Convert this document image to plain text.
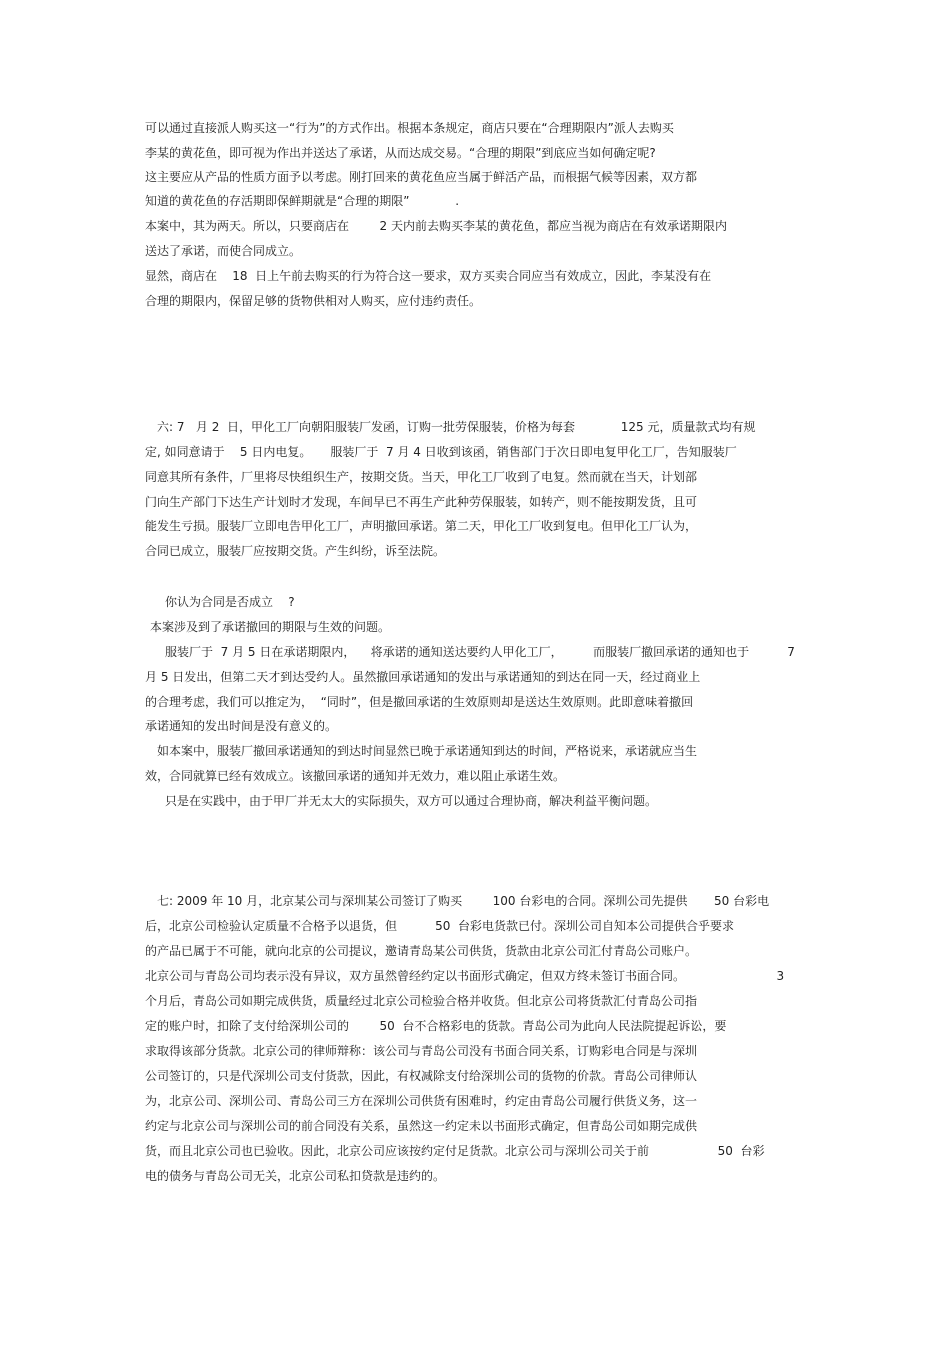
可以通过直接派人购买这一“行为”的方式作出。根据本条规定，商店只要在“合理期限内”派人去购买

李某的黄花鱼，即可视为作出并送达了承诺，从而达成交易。“合理的期限”到底应当如何确定呢?

这主要应从产品的性质方面予以考虑。刚打回来的黄花鱼应当属于鲜活产品，而根据气候等因素，双方都

知道的黄花鱼的存活期即保鲜期就是“合理的期限”            .

本案中，其为两天。所以，只要商店在        2 天内前去购买李某的黄花鱼，都应当视为商店在有效承诺期限内

送达了承诺，而使合同成立。

显然，商店在    18  日上午前去购买的行为符合这一要求，双方买卖合同应当有效成立，因此，李某没有在

合理的期限内，保留足够的货物供相对人购买，应付违约责任。

六: 7   月 2  日，甲化工厂向朝阳服装厂发函，订购一批劳保服装，价格为每套            125 元，质量款式均有规

定, 如同意请于    5 日内电复。     服装厂于  7 月 4 日收到该函，销售部门于次日即电复甲化工厂，告知服装厂

同意其所有条件，厂里将尽快组织生产，按期交货。当天，甲化工厂收到了电复。然而就在当天，计划部

门向生产部门下达生产计划时才发现，车间早已不再生产此种劳保服装，如转产，则不能按期发货，且可

能发生亏损。服装厂立即电告甲化工厂，声明撤回承诺。第二天，甲化工厂收到复电。但甲化工厂认为，

合同已成立，服装厂应按期交货。产生纠纷，诉至法院。

你认为合同是否成立    ?

本案涉及到了承诺撤回的期限与生效的问题。

服装厂于  7 月 5 日在承诺期限内，    将承诺的通知送达要约人甲化工厂，        而服装厂撤回承诺的通知也于          7

月 5 日发出，但第二天才到达受约人。虽然撤回承诺通知的发出与承诺通知的到达在同一天，经过商业上

的合理考虑，我们可以推定为，  “同时”，但是撤回承诺的生效原则却是送达生效原则。此即意味着撤回

承诺通知的发出时间是没有意义的。

如本案中，服装厂撤回承诺通知的到达时间显然已晚于承诺通知到达的时间，严格说来，承诺就应当生

效，合同就算已经有效成立。该撤回承诺的通知并无效力，难以阻止承诺生效。

只是在实践中，由于甲厂并无太大的实际损失，双方可以通过合理协商，解决利益平衡问题。

七: 2009 年 10 月，北京某公司与深圳某公司签订了购买        100 台彩电的合同。深圳公司先提供       50 台彩电

后，北京公司检验认定质量不合格予以退货，但          50  台彩电货款已付。深圳公司自知本公司提供合乎要求

的产品已属于不可能，就向北京的公司提议，邀请青岛某公司供货，货款由北京公司汇付青岛公司账户。

北京公司与青岛公司均表示没有异议，双方虽然曾经约定以书面形式确定，但双方终未签订书面合同。                        3

个月后，青岛公司如期完成供货，质量经过北京公司检验合格并收货。但北京公司将货款汇付青岛公司指

定的账户时，扣除了支付给深圳公司的        50  台不合格彩电的货款。青岛公司为此向人民法院提起诉讼，要

求取得该部分货款。北京公司的律师辩称：该公司与青岛公司没有书面合同关系，订购彩电合同是与深圳

公司签订的，只是代深圳公司支付货款，因此，有权减除支付给深圳公司的货物的价款。青岛公司律师认

为，北京公司、深圳公司、青岛公司三方在深圳公司供货有困难时，约定由青岛公司履行供货义务，这一

约定与北京公司与深圳公司的前合同没有关系，虽然这一约定未以书面形式确定，但青岛公司如期完成供

货，而且北京公司也已验收。因此，北京公司应该按约定付足货款。北京公司与深圳公司关于前                  50  台彩

电的债务与青岛公司无关，北京公司私扣贷款是违约的。
